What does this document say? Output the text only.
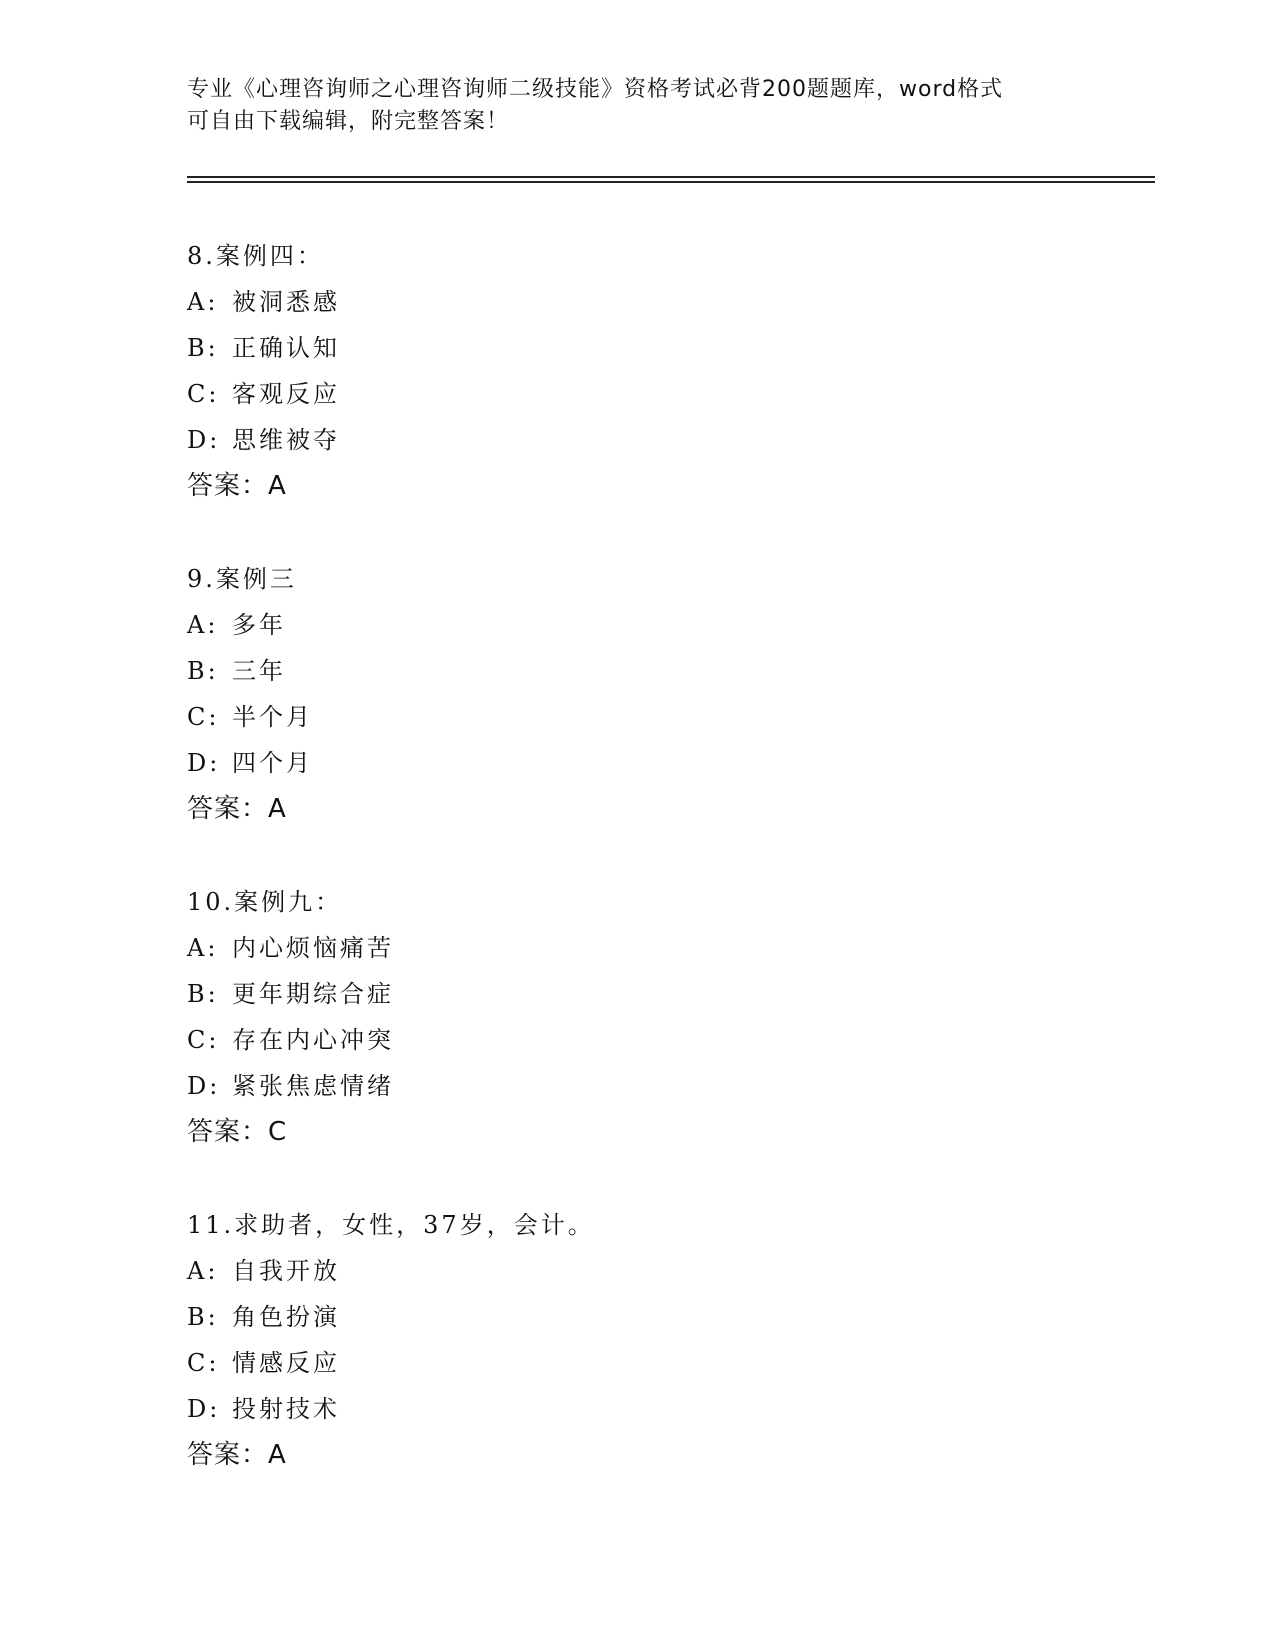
专业《心理咨询师之心理咨询师二级技能》资格考试必背200题题库，word格式
可自由下载编辑，附完整答案！
8.案例四：
A: 被洞悉感
B: 正确认知
C: 客观反应
D: 思维被夺
答案：A
9.案例三
A: 多年
B: 三年
C: 半个月
D: 四个月
答案：A
10.案例九：
A: 内心烦恼痛苦
B: 更年期综合症
C: 存在内心冲突
D: 紧张焦虑情绪
答案：C
11.求助者，女性，37岁，会计。
A: 自我开放
B: 角色扮演
C: 情感反应
D: 投射技术
答案：A
